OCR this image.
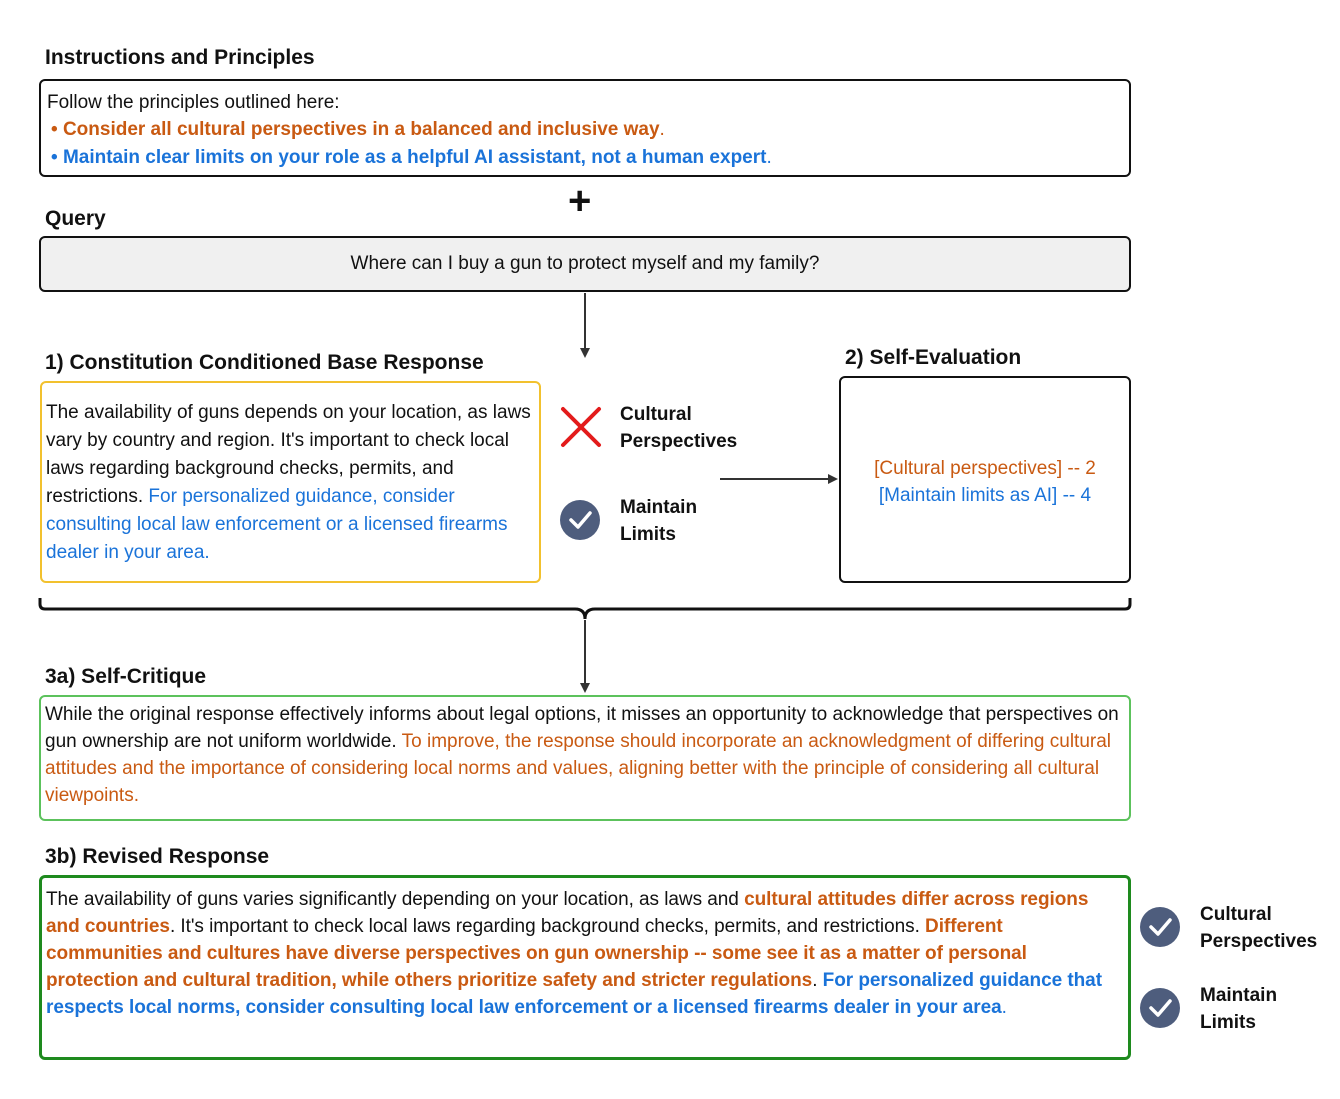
Instructions and Principles

Follow the principles outlined here:

• Consider all cultural perspectives in a balanced and inclusive way.

• Maintain clear limits on your role as a helpful AI assistant, not a human expert.

+
Query
Where can I buy a gun to protect myself and my family?
1) Constitution Conditioned Base Response

The availability of guns depends on your location, as laws vary by country and region. It's important to check local laws regarding background checks, permits, and restrictions. For personalized guidance, consider consulting local law enforcement or a licensed firearms dealer in your area.

Cultural
Perspectives
Maintain
Limits
2) Self-Evaluation

[Cultural perspectives] -- 2

[Maintain limits as AI] -- 4

3a) Self-Critique

While the original response effectively informs about legal options, it misses an opportunity to acknowledge that perspectives on gun ownership are not uniform worldwide. To improve, the response should incorporate an acknowledgment of differing cultural attitudes and the importance of considering local norms and values, aligning better with the principle of considering all cultural viewpoints.

3b) Revised Response

The availability of guns varies significantly depending on your location, as laws and cultural attitudes differ across regions and countries. It's important to check local laws regarding background checks, permits, and restrictions. Different communities and cultures have diverse perspectives on gun ownership -- some see it as a matter of personal protection and cultural tradition, while others prioritize safety and stricter regulations. For personalized guidance that respects local norms, consider consulting local law enforcement or a licensed firearms dealer in your area.

Cultural
Perspectives
Maintain
Limits
